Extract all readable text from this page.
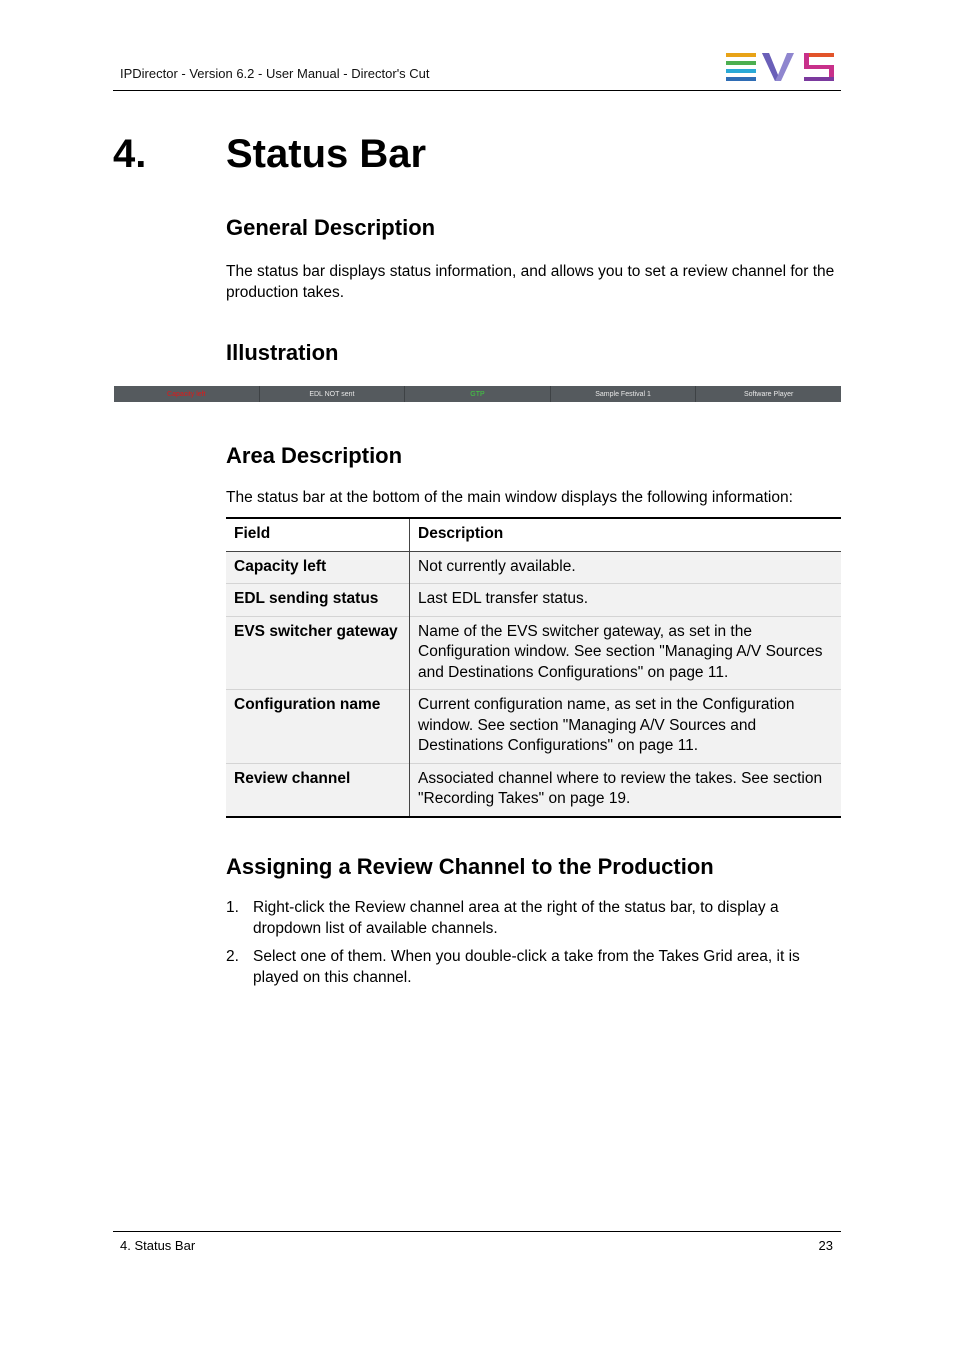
IPDirector - Version 6.2 - User Manual - Director's Cut
4. Status Bar
General Description

The status bar displays status information, and allows you to set a review channel for the production takes.

Illustration
Capacity left	EDL NOT sent	GTP	Sample Festival 1	Software Player
Area Description

The status bar at the bottom of the main window displays the following information:

Field	Description
Capacity left	Not currently available.
EDL sending status	Last EDL transfer status.
EVS switcher gateway	Name of the EVS switcher gateway, as set in the Configuration window. See section "Managing A/V Sources and Destinations Configurations" on page 11.
Configuration name	Current configuration name, as set in the Configuration window. See section "Managing A/V Sources and Destinations Configurations" on page 11.
Review channel	Associated channel where to review the takes. See section "Recording Takes" on page 19.
Assigning a Review Channel to the Production
1. Right-click the Review channel area at the right of the status bar, to display a dropdown list of available channels.
2. Select one of them. When you double-click a take from the Takes Grid area, it is played on this channel.
4. Status Bar	23
